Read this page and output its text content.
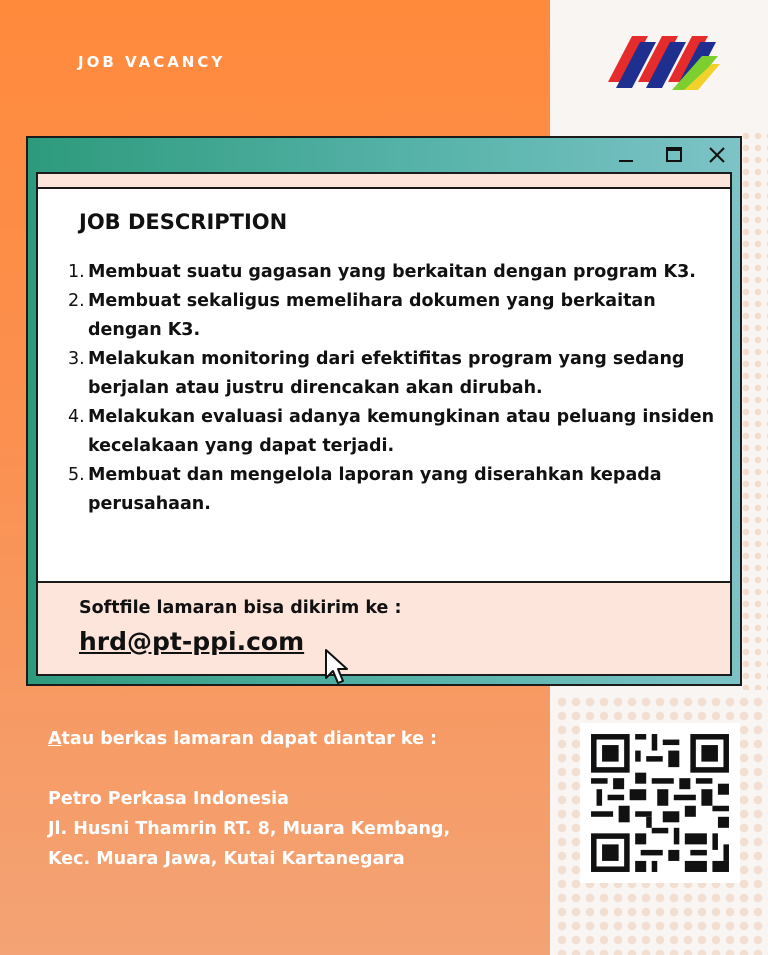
JOB VACANCY
JOB DESCRIPTION
1. Membuat suatu gagasan yang berkaitan dengan program K3.
2. Membuat sekaligus memelihara dokumen yang berkaitan dengan K3.
3. Melakukan monitoring dari efektifitas program yang sedang berjalan atau justru direncakan akan dirubah.
4. Melakukan evaluasi adanya kemungkinan atau peluang insiden kecelakaan yang dapat terjadi.
5. Membuat dan mengelola laporan yang diserahkan kepada perusahaan.
Softfile lamaran bisa dikirim ke :
hrd@pt-ppi.com
Atau berkas lamaran dapat diantar ke :
Petro Perkasa Indonesia
Jl. Husni Thamrin RT. 8, Muara Kembang,
Kec. Muara Jawa, Kutai Kartanegara
